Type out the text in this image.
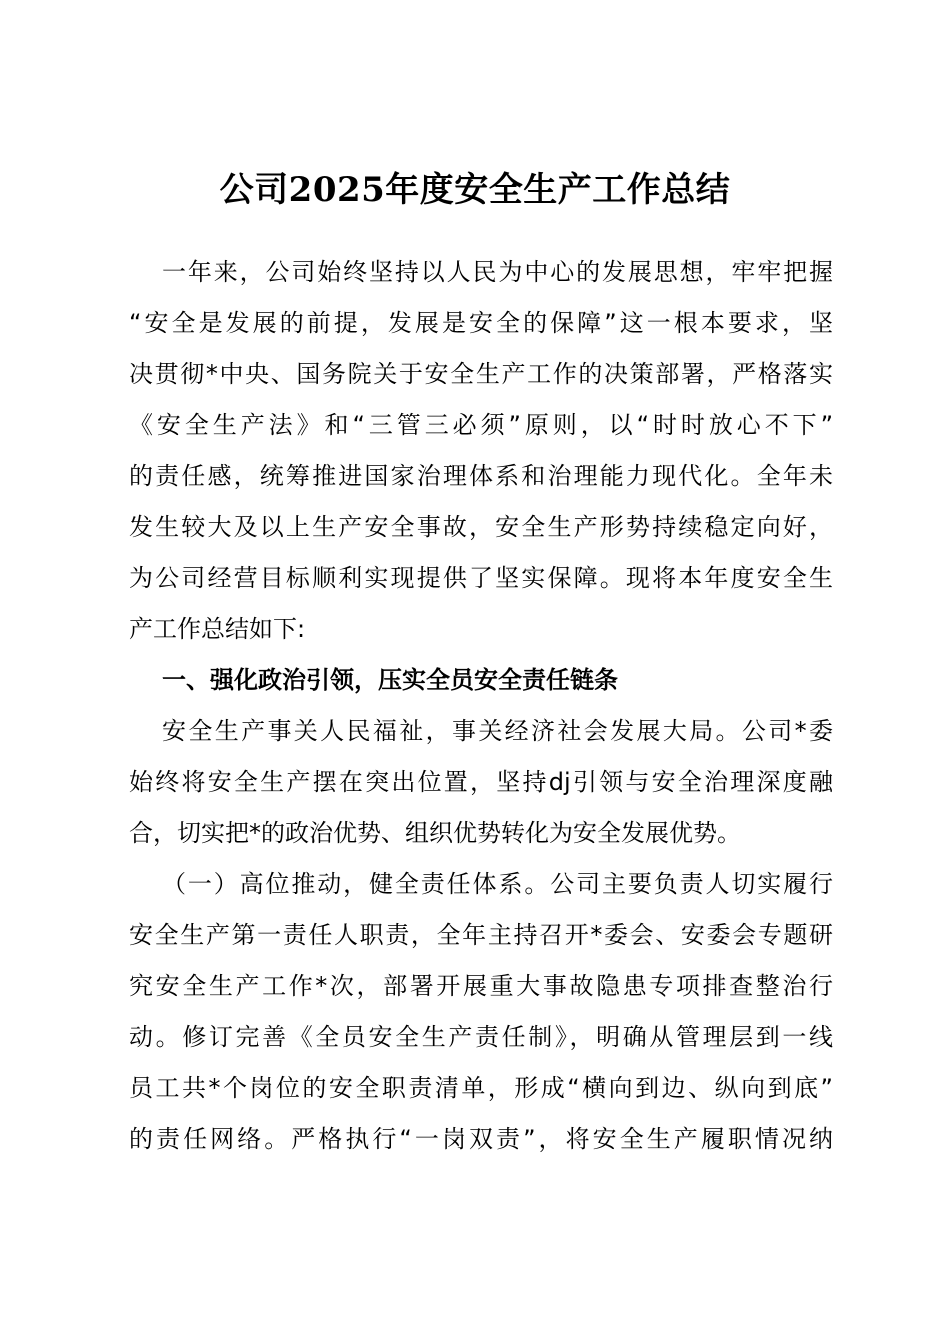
公司2025年度安全生产工作总结
一年来，公司始终坚持以人民为中心的发展思想，牢牢把握
“安全是发展的前提，发展是安全的保障”这一根本要求，坚
决贯彻*中央、国务院关于安全生产工作的决策部署，严格落实
《安全生产法》和“三管三必须”原则，以“时时放心不下”
的责任感，统筹推进国家治理体系和治理能力现代化。全年未
发生较大及以上生产安全事故，安全生产形势持续稳定向好，
为公司经营目标顺利实现提供了坚实保障。现将本年度安全生
产工作总结如下:
一、强化政治引领，压实全员安全责任链条
安全生产事关人民福祉，事关经济社会发展大局。公司*委
始终将安全生产摆在突出位置，坚持dj引领与安全治理深度融
合，切实把*的政治优势、组织优势转化为安全发展优势。
（一）高位推动，健全责任体系。公司主要负责人切实履行
安全生产第一责任人职责，全年主持召开*委会、安委会专题研
究安全生产工作*次，部署开展重大事故隐患专项排查整治行
动。修订完善《全员安全生产责任制》，明确从管理层到一线
员工共*个岗位的安全职责清单，形成“横向到边、纵向到底”
的责任网络。严格执行“一岗双责”，将安全生产履职情况纳
